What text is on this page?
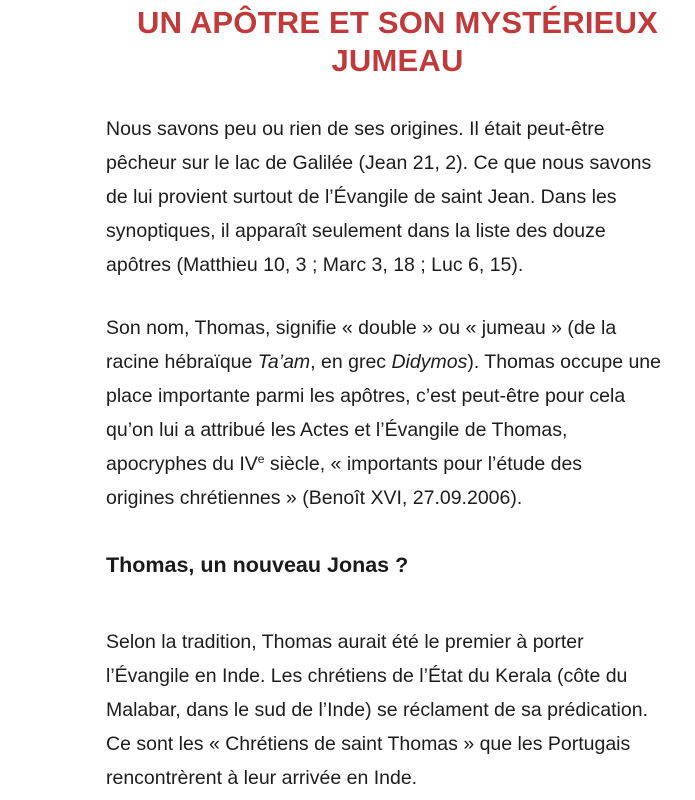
UN APÔTRE ET SON MYSTÉRIEUX
JUMEAU

Nous savons peu ou rien de ses origines. Il était peut-être
pêcheur sur le lac de Galilée (Jean 21, 2). Ce que nous savons
de lui provient surtout de l’Évangile de saint Jean. Dans les
synoptiques, il apparaît seulement dans la liste des douze
apôtres (Matthieu 10, 3 ; Marc 3, 18 ; Luc 6, 15).

Son nom, Thomas, signifie « double » ou « jumeau » (de la
racine hébraïque Ta’am, en grec Didymos). Thomas occupe une
place importante parmi les apôtres, c’est peut-être pour cela
qu’on lui a attribué les Actes et l’Évangile de Thomas,
apocryphes du IVe siècle, « importants pour l’étude des
origines chrétiennes » (Benoît XVI, 27.09.2006).

Thomas, un nouveau Jonas ?

Selon la tradition, Thomas aurait été le premier à porter
l’Évangile en Inde. Les chrétiens de l’État du Kerala (côte du
Malabar, dans le sud de l’Inde) se réclament de sa prédication.
Ce sont les « Chrétiens de saint Thomas » que les Portugais
rencontrèrent à leur arrivée en Inde.
